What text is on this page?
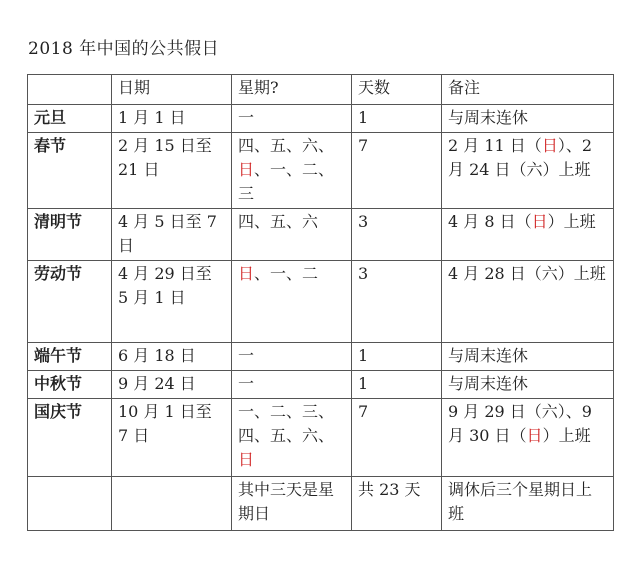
2018 年中国的公共假日
	日期	星期?	天数	备注
元旦	1 月 1 日	一	1	与周末连休
春节	2 月 15 日至 21 日	四、五、六、日、一、二、三	7	2 月 11 日（日）、2 月 24 日（六）上班
清明节	4 月 5 日至 7 日	四、五、六	3	4 月 8 日（日）上班
劳动节	4 月 29 日至 5 月 1 日	日、一、二	3	4 月 28 日（六）上班
端午节	6 月 18 日	一	1	与周末连休
中秋节	9 月 24 日	一	1	与周末连休
国庆节	10 月 1 日至 7 日	一、二、三、四、五、六、日	7	9 月 29 日（六）、9 月 30 日（日）上班
		其中三天是星期日	共 23 天	调休后三个星期日上班
